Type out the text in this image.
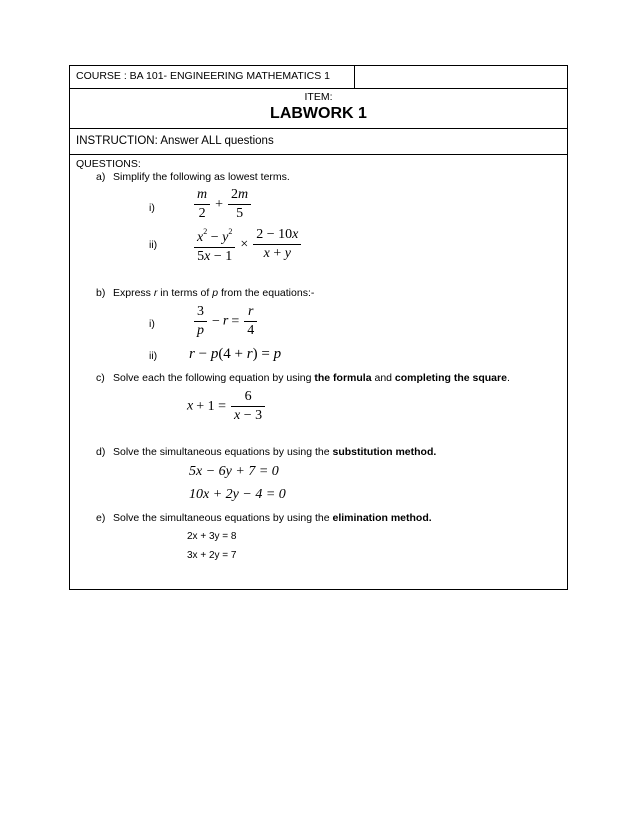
COURSE : BA 101- ENGINEERING MATHEMATICS 1
ITEM:
LABWORK 1
INSTRUCTION: Answer ALL questions
QUESTIONS:
a) Simplify the following as lowest terms.
i)	$\frac{m}{2} + \frac{2m}{5}$
ii)	$\frac{x^2 - y^2}{5x - 1} \times \frac{2 - 10x}{x + y}$
b) Express r in terms of p from the equations:-
i)	$\frac{3}{p} - r = \frac{r}{4}$
ii) r − p(4 + r) = p
c) Solve each the following equation by using the formula and completing the square.
$x + 1 = \frac{6}{x - 3}$
d) Solve the simultaneous equations by using the substitution method.
5x − 6y + 7 = 0
10x + 2y − 4 = 0
e) Solve the simultaneous equations by using the elimination method.
2x + 3y = 8
3x + 2y = 7
